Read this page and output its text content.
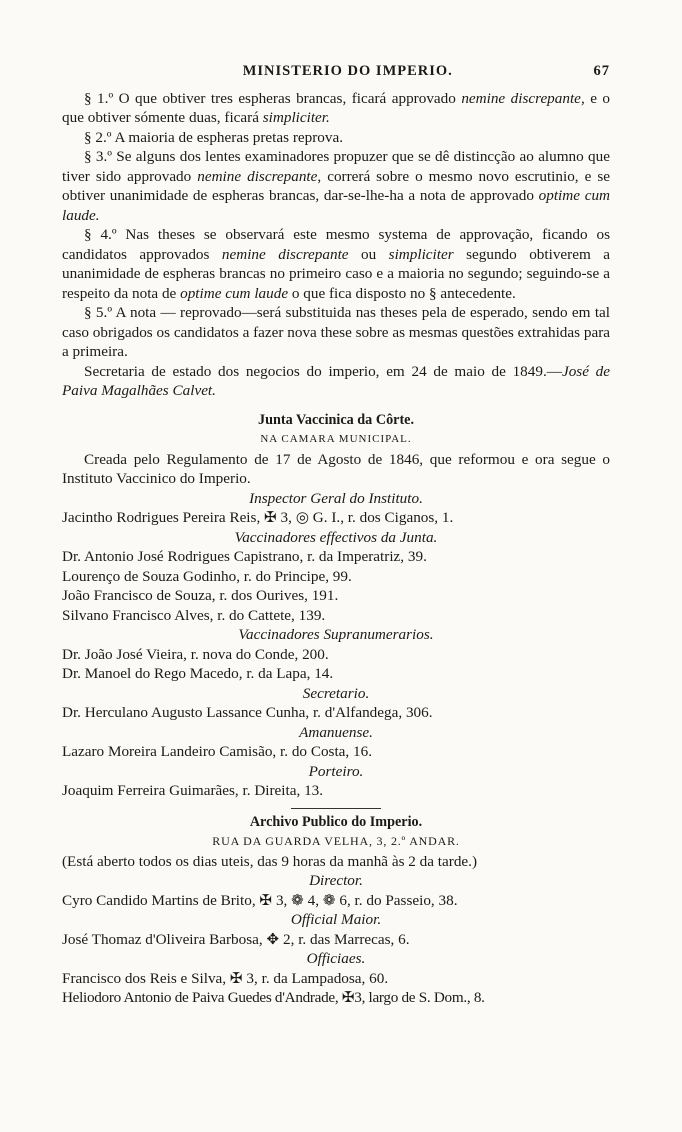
MINISTERIO DO IMPERIO.	67

§ 1.º O que obtiver tres espheras brancas, ficará approvado nemine discrepante, e o que obtiver sómente duas, ficará simpliciter.

§ 2.º A maioria de espheras pretas reprova.

§ 3.º Se alguns dos lentes examinadores propuzer que se dê distincção ao alumno que tiver sido approvado nemine discrepante, correrá sobre o mesmo novo escrutinio, e se obtiver unanimidade de espheras brancas, dar-se-lhe-ha a nota de approvado optime cum laude.

§ 4.º Nas theses se observará este mesmo systema de approvação, ficando os candidatos approvados nemine discrepante ou simpliciter segundo obtiverem a unanimidade de espheras brancas no primeiro caso e a maioria no segundo; seguindo-se a respeito da nota de optime cum laude o que fica disposto no § antecedente.

§ 5.º A nota — reprovado—será substituida nas theses pela de esperado, sendo em tal caso obrigados os candidatos a fazer nova these sobre as mesmas questões extrahidas para a primeira.

Secretaria de estado dos negocios do imperio, em 24 de maio de 1849.—José de Paiva Magalhães Calvet.

Junta Vaccinica da Côrte.
NA CAMARA MUNICIPAL.

Creada pelo Regulamento de 17 de Agosto de 1846, que reformou e ora segue o Instituto Vaccinico do Imperio.

Inspector Geral do Instituto.

Jacintho Rodrigues Pereira Reis, ✠ 3, ◎ G. I., r. dos Ciganos, 1.

Vaccinadores effectivos da Junta.

Dr. Antonio José Rodrigues Capistrano, r. da Imperatriz, 39.

Lourenço de Souza Godinho, r. do Principe, 99.

João Francisco de Souza, r. dos Ourives, 191.

Silvano Francisco Alves, r. do Cattete, 139.

Vaccinadores Supranumerarios.

Dr. João José Vieira, r. nova do Conde, 200.

Dr. Manoel do Rego Macedo, r. da Lapa, 14.

Secretario.

Dr. Herculano Augusto Lassance Cunha, r. d'Alfandega, 306.

Amanuense.

Lazaro Moreira Landeiro Camisão, r. do Costa, 16.

Porteiro.

Joaquim Ferreira Guimarães, r. Direita, 13.

Archivo Publico do Imperio.
RUA DA GUARDA VELHA, 3, 2.º ANDAR.

(Está aberto todos os dias uteis, das 9 horas da manhã às 2 da tarde.)

Director.

Cyro Candido Martins de Brito, ✠ 3, ❁ 4, ❁ 6, r. do Passeio, 38.

Official Maior.

José Thomaz d'Oliveira Barbosa, ✥ 2, r. das Marrecas, 6.

Officiaes.

Francisco dos Reis e Silva, ✠ 3, r. da Lampadosa, 60.

Heliodoro Antonio de Paiva Guedes d'Andrade, ✠3, largo de S. Dom., 8.
